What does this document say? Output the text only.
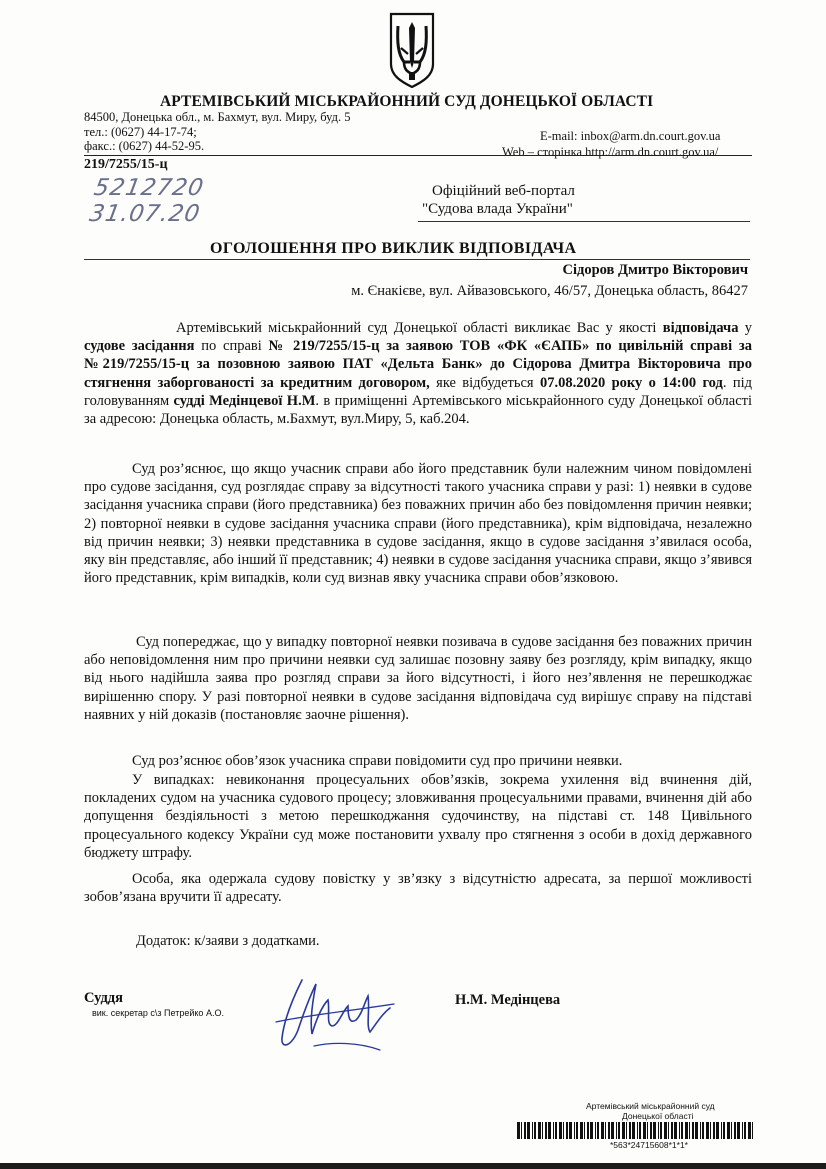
АРТЕМІВСЬКИЙ МІСЬКРАЙОННИЙ СУД ДОНЕЦЬКОЇ ОБЛАСТІ
84500, Донецька обл., м. Бахмут, вул. Миру, буд. 5
тел.: (0627) 44-17-74;
факс.: (0627) 44-52-95.
E-mail: inbox@arm.dn.court.gov.ua
Web – сторінка http://arm.dn.court.gov.ua/
219/7255/15-ц
5212720
31.07.20
Офіційний веб-портал
"Судова влада України"
ОГОЛОШЕННЯ ПРО ВИКЛИК ВІДПОВІДАЧА
Сідоров Дмитро Вікторович
м. Єнакієве, вул. Айвазовського, 46/57, Донецька область, 86427

Артемівський міськрайонний суд Донецької області викликає Вас у якості відповідача у судове засідання по справі № 219/7255/15-ц за заявою ТОВ «ФК «ЄАПБ» по цивільній справі за №219/7255/15-ц за позовною заявою ПАТ «Дельта Банк» до Сідорова Дмитра Вікторовича про стягнення заборгованості за кредитним договором, яке відбудеться 07.08.2020 року о 14:00 год. під головуванням судді Медінцевої Н.М. в приміщенні Артемівського міськрайонного суду Донецької області за адресою: Донецька область, м.Бахмут, вул.Миру, 5, каб.204.

Суд роз’яснює, що якщо учасник справи або його представник були належним чином повідомлені про судове засідання, суд розглядає справу за відсутності такого учасника справи у разі: 1) неявки в судове засідання учасника справи (його представника) без поважних причин або без повідомлення причин неявки; 2) повторної неявки в судове засідання учасника справи (його представника), крім відповідача, незалежно від причин неявки; 3) неявки представника в судове засідання, якщо в судове засідання з’явилася особа, яку він представляє, або інший її представник; 4) неявки в судове засідання учасника справи, якщо з’явився його представник, крім випадків, коли суд визнав явку учасника справи обов’язковою.

Суд попереджає, що у випадку повторної неявки позивача в судове засідання без поважних причин або неповідомлення ним про причини неявки суд залишає позовну заяву без розгляду, крім випадку, якщо від нього надійшла заява про розгляд справи за його відсутності, і його нез’явлення не перешкоджає вирішенню спору. У разі повторної неявки в судове засідання відповідача суд вирішує справу на підставі наявних у ній доказів (постановляє заочне рішення).

Суд роз’яснює обов’язок учасника справи повідомити суд про причини неявки.

У випадках: невиконання процесуальних обов’язків, зокрема ухилення від вчинення дій, покладених судом на учасника судового процесу; зловживання процесуальними правами, вчинення дій або допущення бездіяльності з метою перешкоджання судочинству, на підставі ст. 148 Цивільного процесуального кодексу України суд може постановити ухвалу про стягнення з особи в дохід державного бюджету штрафу.

Особа, яка одержала судову повістку у зв’язку з відсутністю адресата, за першої можливості зобов’язана вручити її адресату.

Додаток: к/заяви з додатками.
Суддя
вик. секретар с\з Петрейко А.О.
Н.М. Медінцева
Артемівський міськрайонний суд
Донецької області
*563*24715608*1*1*
